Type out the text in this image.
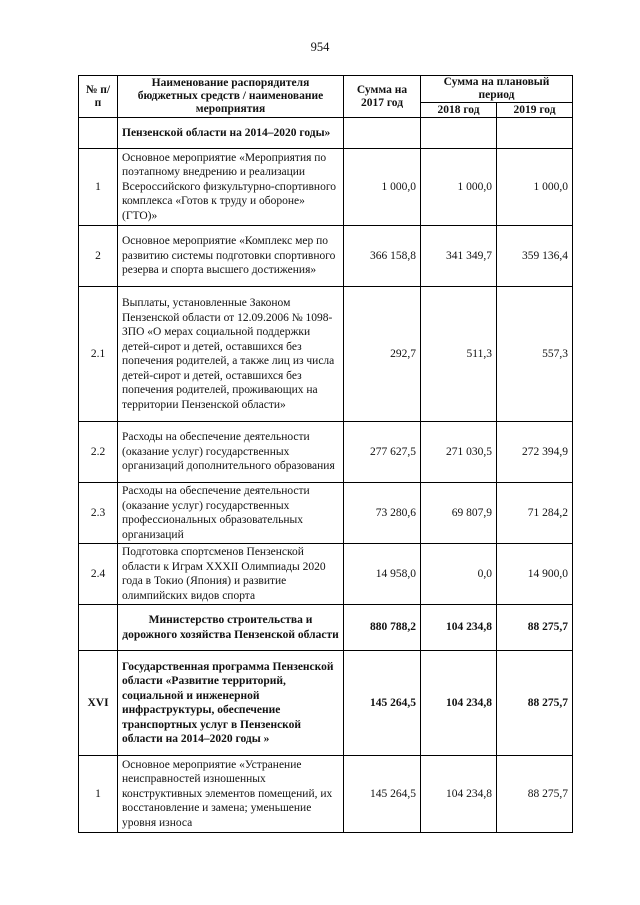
954
№ п/п	Наименование распорядителя бюджетных средств / наименование мероприятия	Сумма на 2017 год	Сумма на плановый период	
			2018 год	2019 год
	Пензенской области на 2014–2020 годы»			
1	Основное мероприятие «Мероприятия по поэтапному внедрению и реализации Всероссийского физкультурно-спортивного комплекса «Готов к труду и обороне» (ГТО)»	1 000,0	1 000,0	1 000,0
2	Основное мероприятие «Комплекс мер по развитию системы подготовки спортивного резерва и спорта высшего достижения»	366 158,8	341 349,7	359 136,4
2.1	Выплаты, установленные Законом Пензенской области от 12.09.2006 № 1098-ЗПО «О мерах социальной поддержки детей-сирот и детей, оставшихся без попечения родителей, а также лиц из числа детей-сирот и детей, оставшихся без попечения родителей, проживающих на территории Пензенской области»	292,7	511,3	557,3
2.2	Расходы на обеспечение деятельности (оказание услуг) государственных организаций дополнительного образования	277 627,5	271 030,5	272 394,9
2.3	Расходы на обеспечение деятельности (оказание услуг) государственных профессиональных образовательных организаций	73 280,6	69 807,9	71 284,2
2.4	Подготовка спортсменов Пензенской области к Играм XXXII Олимпиады 2020 года в Токио (Япония) и развитие олимпийских видов спорта	14 958,0	0,0	14 900,0
	Министерство строительства и дорожного хозяйства Пензенской области	880 788,2	104 234,8	88 275,7
XVI	Государственная программа Пензенской области «Развитие территорий, социальной и инженерной инфраструктуры, обеспечение транспортных услуг в Пензенской области на 2014–2020 годы »	145 264,5	104 234,8	88 275,7
1	Основное мероприятие «Устранение неисправностей изношенных конструктивных элементов помещений, их восстановление и замена; уменьшение уровня износа	145 264,5	104 234,8	88 275,7
